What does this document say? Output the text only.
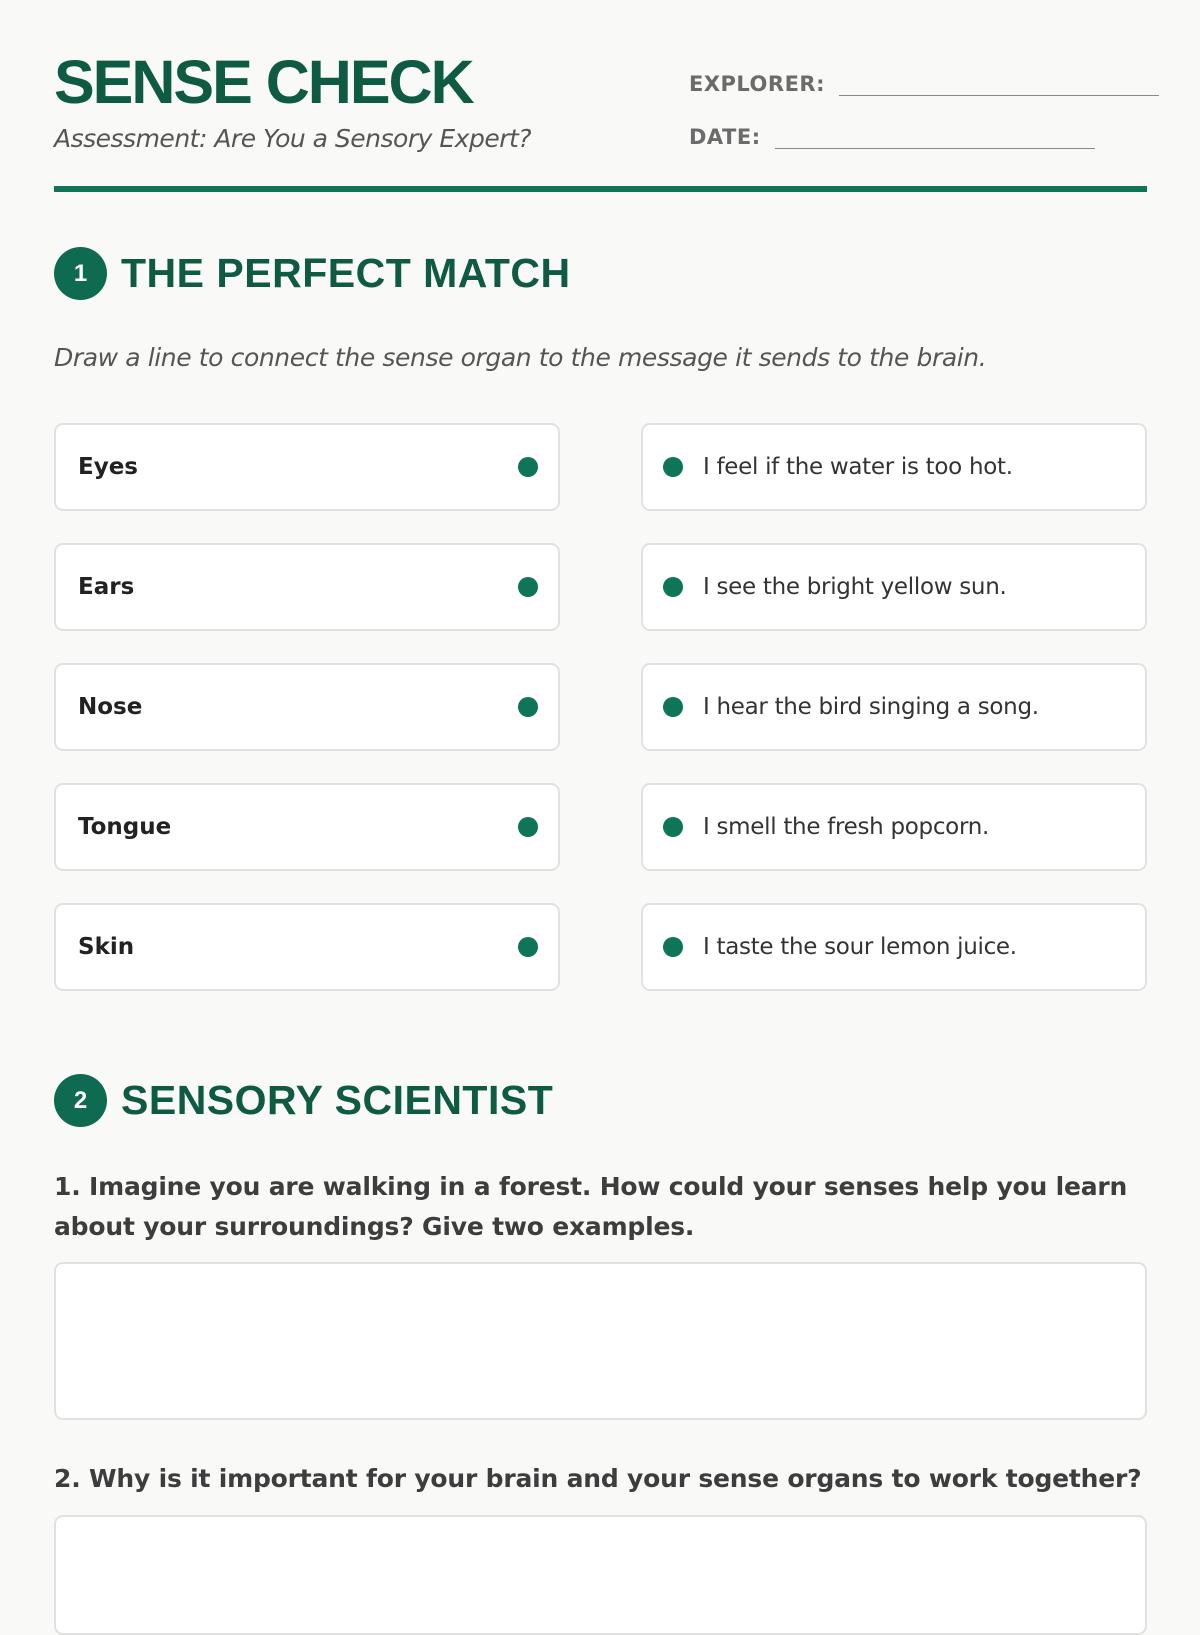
SENSE CHECK
Assessment: Are You a Sensory Expert?
EXPLORER:
DATE:
1 THE PERFECT MATCH
Draw a line to connect the sense organ to the message it sends to the brain.
Eyes
Ears
Nose
Tongue
Skin
I feel if the water is too hot.
I see the bright yellow sun.
I hear the bird singing a song.
I smell the fresh popcorn.
I taste the sour lemon juice.
2 SENSORY SCIENTIST
1. Imagine you are walking in a forest. How could your senses help you learn about your surroundings? Give two examples.
2. Why is it important for your brain and your sense organs to work together?
